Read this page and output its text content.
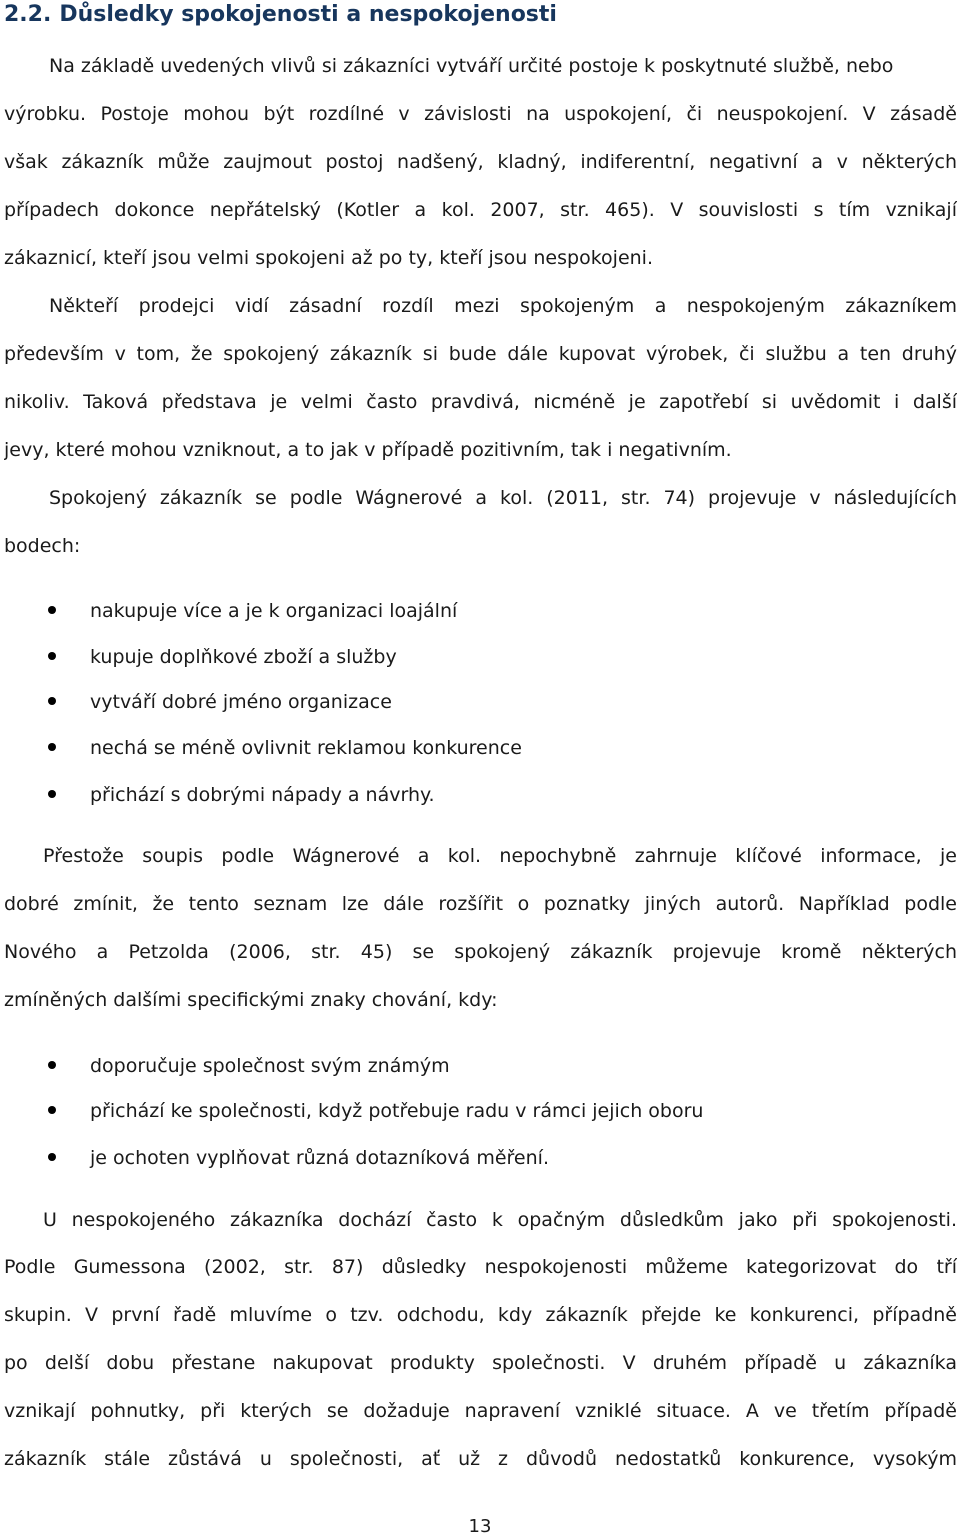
2.2. Důsledky spokojenosti a nespokojenosti
Na základě uvedených vlivů si zákazníci vytváří určité postoje k poskytnuté službě, nebo
výrobku. Postoje mohou být rozdílné v závislosti na uspokojení, či neuspokojení. V zásadě
však zákazník může zaujmout postoj nadšený, kladný, indiferentní, negativní a v některých
případech dokonce nepřátelský (Kotler a kol. 2007, str. 465). V souvislosti s tím vznikají
zákaznicí, kteří jsou velmi spokojeni až po ty, kteří jsou nespokojeni.
Někteří prodejci vidí zásadní rozdíl mezi spokojeným a nespokojeným zákazníkem
především v tom, že spokojený zákazník si bude dále kupovat výrobek, či službu a ten druhý
nikoliv. Taková představa je velmi často pravdivá, nicméně je zapotřebí si uvědomit i další
jevy, které mohou vzniknout, a to jak v případě pozitivním, tak i negativním.
Spokojený zákazník se podle Wágnerové a kol. (2011, str. 74) projevuje v následujících
bodech:
nakupuje více a je k organizaci loajální
kupuje doplňkové zboží a služby
vytváří dobré jméno organizace
nechá se méně ovlivnit reklamou konkurence
přichází s dobrými nápady a návrhy.
Přestože soupis podle Wágnerové a kol. nepochybně zahrnuje klíčové informace, je
dobré zmínit, že tento seznam lze dále rozšířit o poznatky jiných autorů. Například podle
Nového a Petzolda (2006, str. 45) se spokojený zákazník projevuje kromě některých
zmíněných dalšími specifickými znaky chování, kdy:
doporučuje společnost svým známým
přichází ke společnosti, když potřebuje radu v rámci jejich oboru
je ochoten vyplňovat různá dotazníková měření.
U nespokojeného zákazníka dochází často k opačným důsledkům jako při spokojenosti.
Podle Gumessona (2002, str. 87) důsledky nespokojenosti můžeme kategorizovat do tří
skupin. V první řadě mluvíme o tzv. odchodu, kdy zákazník přejde ke konkurenci, případně
po delší dobu přestane nakupovat produkty společnosti. V druhém případě u zákazníka
vznikají pohnutky, při kterých se dožaduje napravení vzniklé situace. A ve třetím případě
zákazník stále zůstává u společnosti, ať už z důvodů nedostatků konkurence, vysokým
13
